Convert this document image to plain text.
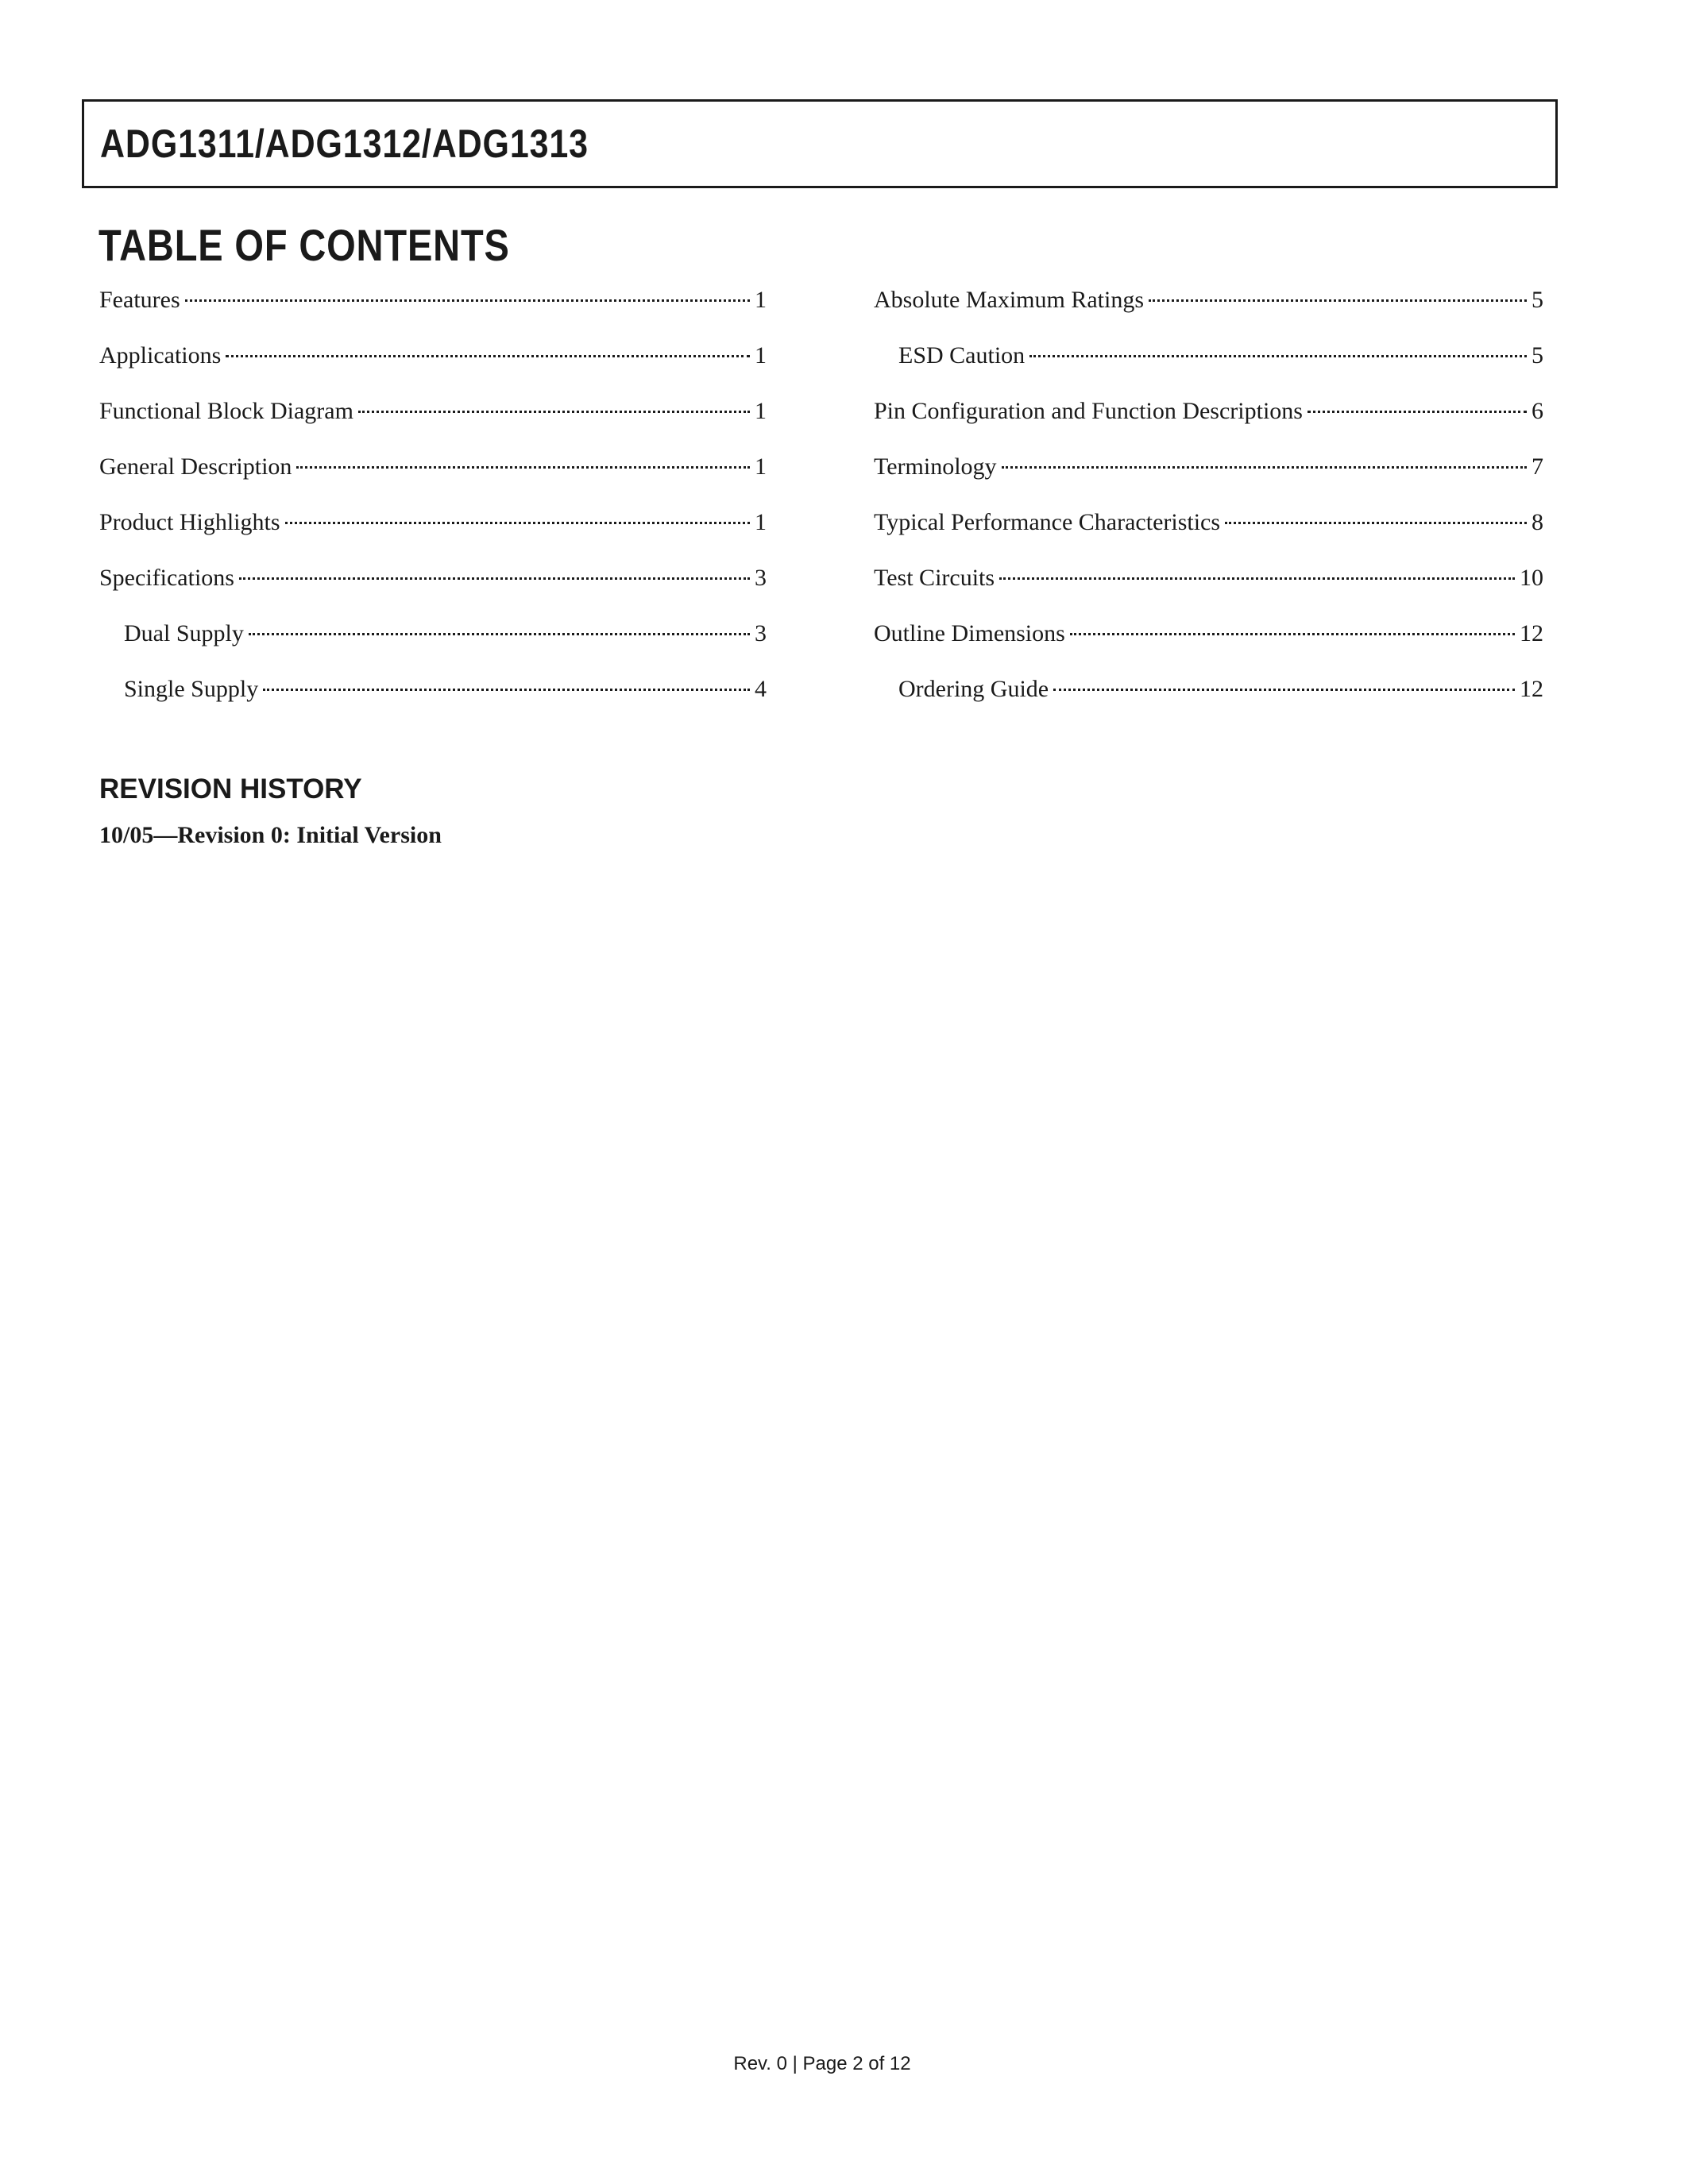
ADG1311/ADG1312/ADG1313
TABLE OF CONTENTS
Features	1
Applications	1
Functional Block Diagram	1
General Description	1
Product Highlights	1
Specifications	3
Dual Supply	3
Single Supply	4
Absolute Maximum Ratings	5
ESD Caution	5
Pin Configuration and Function Descriptions	6
Terminology	7
Typical Performance Characteristics	8
Test Circuits	10
Outline Dimensions	12
Ordering Guide	12
REVISION HISTORY
10/05—Revision 0: Initial Version
Rev. 0 | Page 2 of 12
